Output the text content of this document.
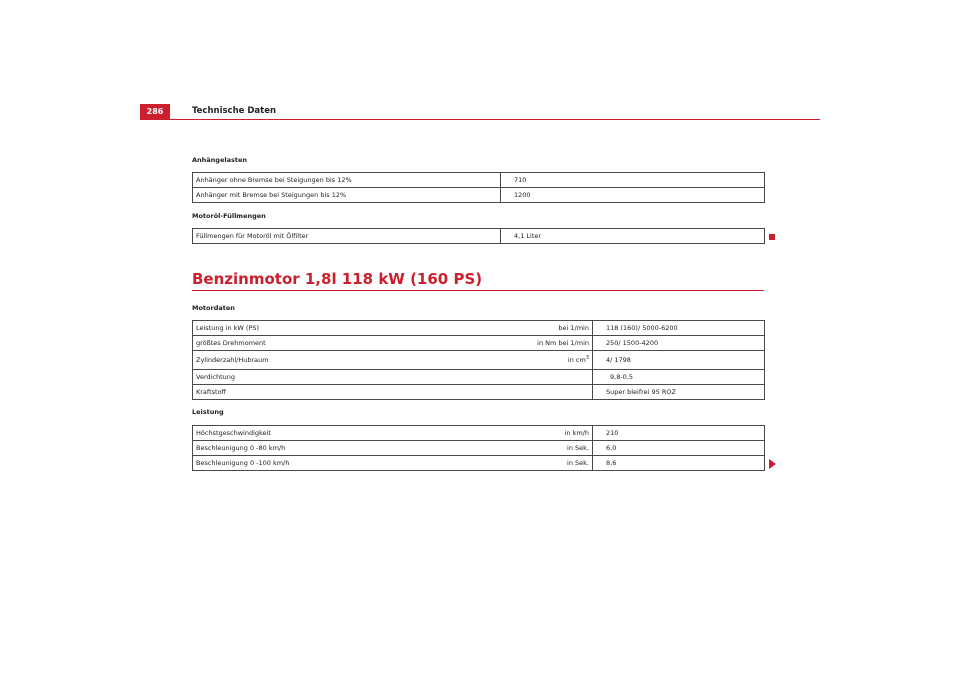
286	Technische Daten
Anhängelasten
Anhänger ohne Bremse bei Steigungen bis 12%	710
Anhänger mit Bremse bei Steigungen bis 12%	1200
Motoröl-Füllmengen
Füllmengen für Motoröl mit Ölfilter	4,1 Liter
Benzinmotor 1,8l 118 kW (160 PS)
Motordaten
Leistung in kW (PS)	bei 1/min	118 (160)/ 5000-6200
größtes Drehmoment	in Nm bei 1/min	250/ 1500-4200
Zylinderzahl/Hubraum	in $cm^3$	4/ 1798
Verdichtung		9,8-0,5
Kraftstoff		Super bleifrei 95 ROZ
Leistung
Höchstgeschwindigkeit	in km/h	210
Beschleunigung 0 -80 km/h	in Sek.	6,0
Beschleunigung 0 -100 km/h	in Sek.	8,6
